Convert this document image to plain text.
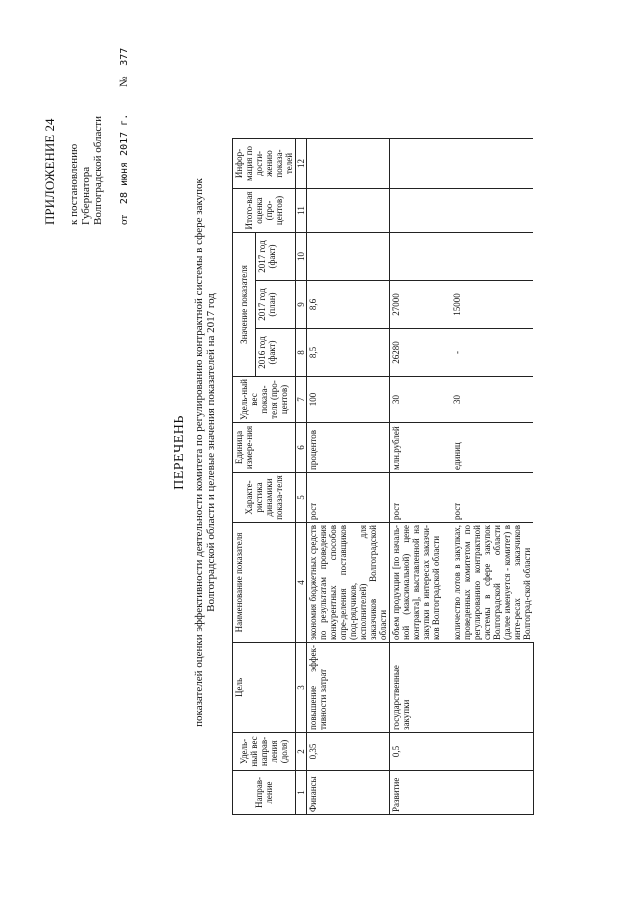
ПРИЛОЖЕНИЕ 24 к постановлению Губернатора Волгоградской области от 28 июня 2017 г. № 377
ПЕРЕЧЕНЬ показателей оценки эффективности деятельности комитета по регулированию контрактной системы в сфере закупок Волгоградской области и целевые значения показателей на 2017 год
Направ-ление	Удель-ный вес направ-ления (доля)	Цель	Наименование показателя	Характе-ристика динамики показа-теля	Единица измере-ния	Удель-ный вес показа-теля (про-центов)	Значение показателя			Итого-вая оценка (про-центов)	Инфор-мация по дости-жению показа-телей
							2016 год (факт)	2017 год (план)	2017 год (факт)		
1	2	3	4	5	6	7	8	9	10	11	12
Финансы	0,35	повышение эффек-тивности затрат	экономия бюджетных средств по результатам проведения конкурентных способов опре-деления поставщиков (под-рядчиков, исполнителей) для заказчиков Волгоградской области	рост	процентов	100	8,5	8,6			
Развитие	0,5	государственные закупки	объем продукции [по началь-ной (максимальной) цене контракта], выставленной на закупки в интересах заказчи-ков Волгоградской области	рост	млн.рублей	30	26280	27000			
			количество лотов в закупках, проведенных комитетом по регулированию контрактной системы в сфере закупок Волгоградской области (далее именуется - комитет) в инте-ресах заказчиков Волгоград-ской области	рост	единиц	30	-	15000			
